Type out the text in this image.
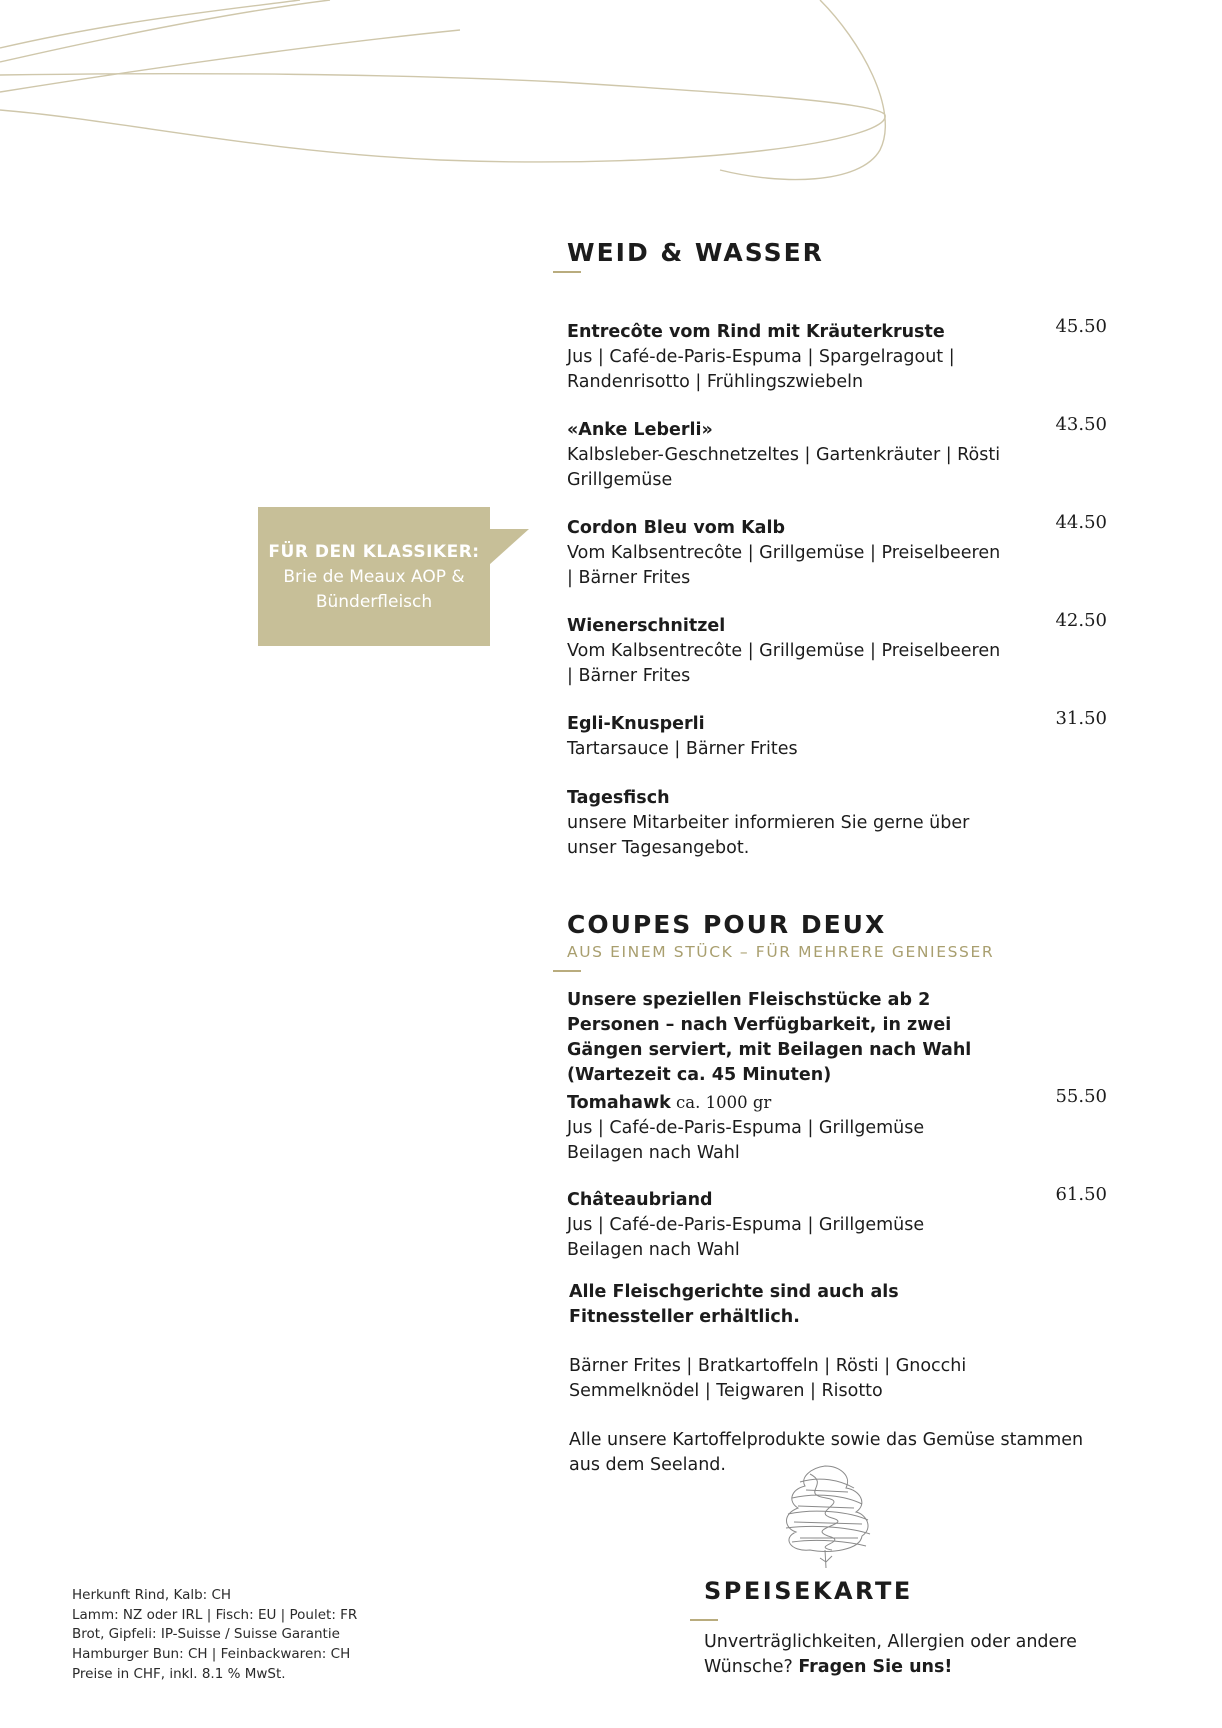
WEID & WASSER
Entrecôte vom Rind mit Kräuterkruste
Jus | Café-de-Paris-Espuma | Spargelragout | Randenrisotto | Frühlingszwiebeln
45.50
«Anke Leberli»
Kalbsleber-Geschnetzeltes | Gartenkräuter | Rösti Grillgemüse
43.50
Cordon Bleu vom Kalb
Vom Kalbsentrecôte | Grillgemüse | Preiselbeeren | Bärner Frites
44.50
Wienerschnitzel
Vom Kalbsentrecôte | Grillgemüse | Preiselbeeren | Bärner Frites
42.50
Egli-Knusperli
Tartarsauce | Bärner Frites
31.50
Tagesfisch
unsere Mitarbeiter informieren Sie gerne über unser Tagesangebot.
FÜR DEN KLASSIKER:
Brie de Meaux AOP &
Bünderfleisch
COUPES POUR DEUX
AUS EINEM STÜCK – FÜR MEHRERE GENIESSER
Unsere speziellen Fleischstücke ab 2 Personen – nach Verfügbarkeit, in zwei Gängen serviert, mit Beilagen nach Wahl (Wartezeit ca. 45 Minuten)
Tomahawk ca. 1000 gr
Jus | Café-de-Paris-Espuma | Grillgemüse Beilagen nach Wahl
55.50
Châteaubriand
Jus | Café-de-Paris-Espuma | Grillgemüse Beilagen nach Wahl
61.50
Alle Fleischgerichte sind auch als Fitnessteller erhältlich.
Bärner Frites | Bratkartoffeln | Rösti | Gnocchi
Semmelknödel | Teigwaren | Risotto
Alle unsere Kartoffelprodukte sowie das Gemüse stammen aus dem Seeland.
Herkunft Rind, Kalb: CH
Lamm: NZ oder IRL | Fisch: EU | Poulet: FR
Brot, Gipfeli: IP-Suisse / Suisse Garantie
Hamburger Bun: CH | Feinbackwaren: CH
Preise in CHF, inkl. 8.1 % MwSt.
SPEISEKARTE
Unverträglichkeiten, Allergien oder andere Wünsche? Fragen Sie uns!
